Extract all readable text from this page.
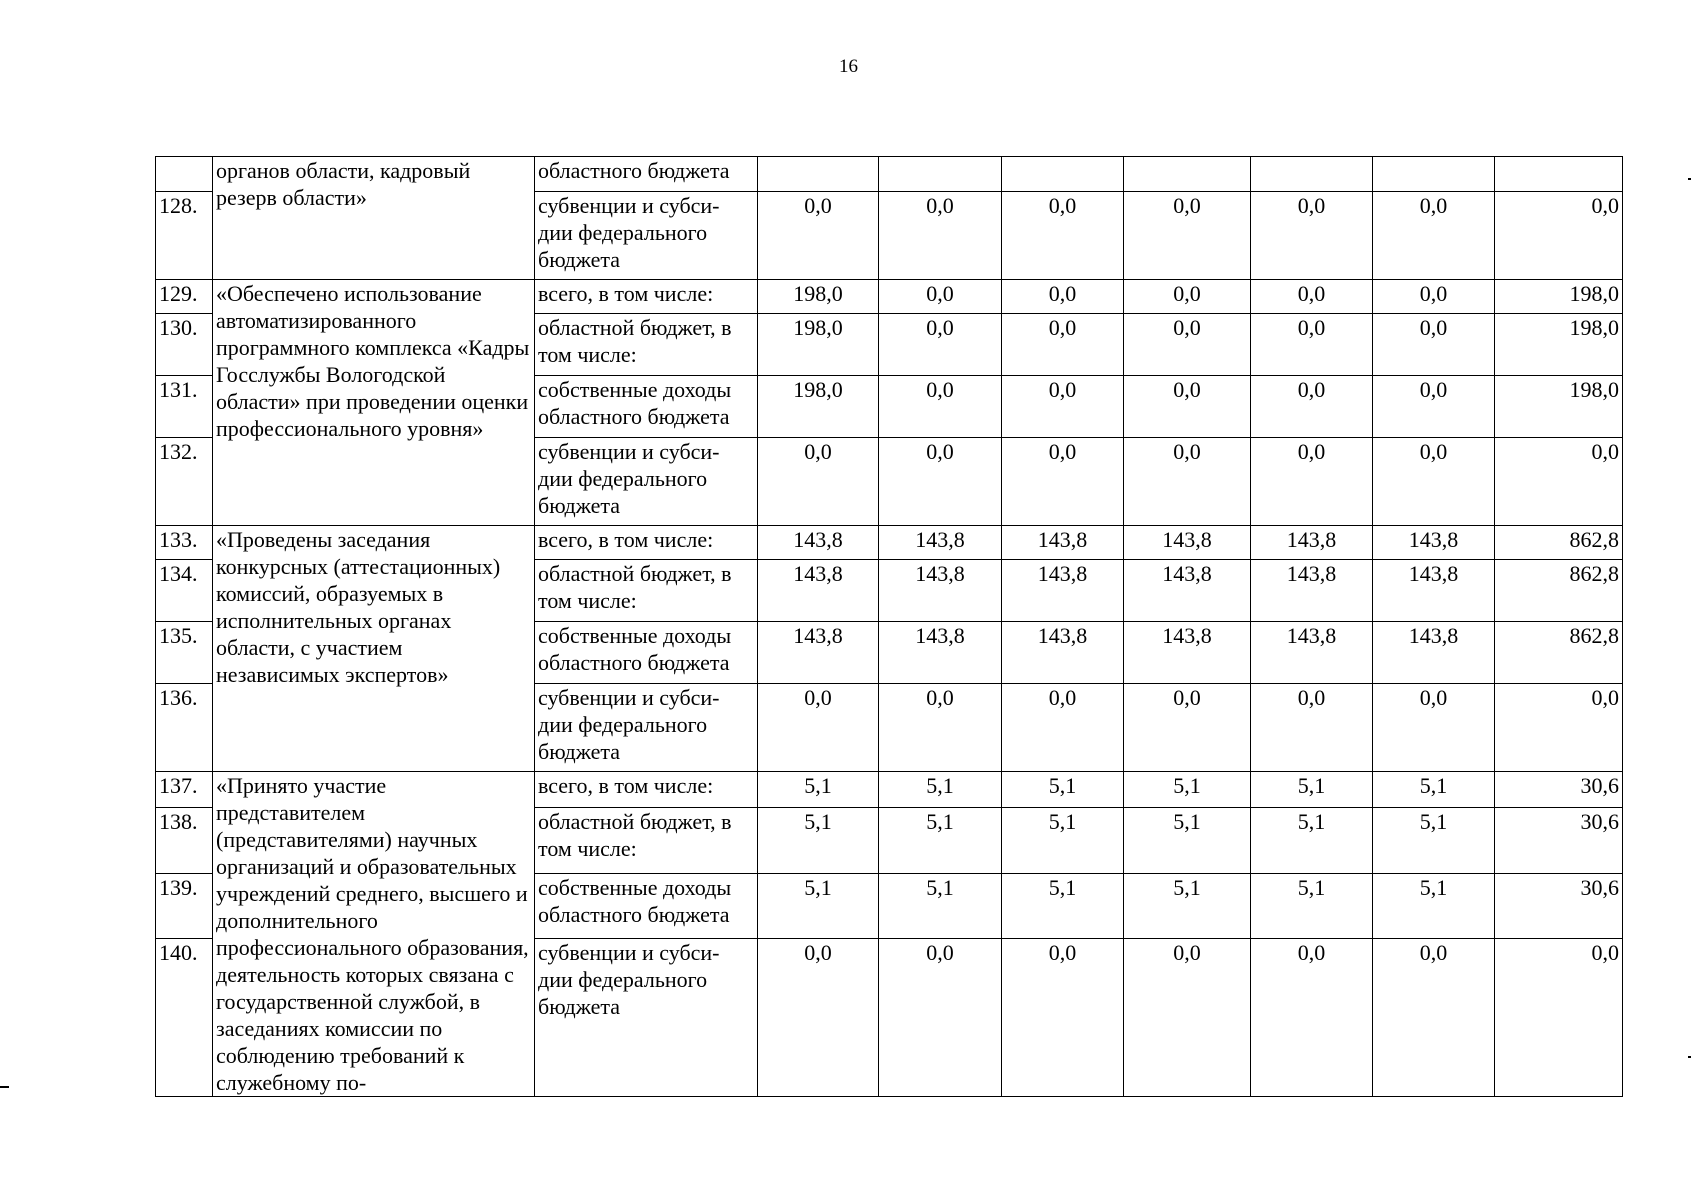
16
	органов области, кадровый резерв области»	областного бюджета							
128.		субвенции и субси-дии федерального бюджета	0,0	0,0	0,0	0,0	0,0	0,0	0,0
129.	«Обеспечено использование автоматизированного программного комплекса «Кадры Госслужбы Вологодской области» при проведении оценки профессионального уровня»	всего, в том числе:	198,0	0,0	0,0	0,0	0,0	0,0	198,0
130.		областной бюджет, в том числе:	198,0	0,0	0,0	0,0	0,0	0,0	198,0
131.		собственные доходы областного бюджета	198,0	0,0	0,0	0,0	0,0	0,0	198,0
132.		субвенции и субси-дии федерального бюджета	0,0	0,0	0,0	0,0	0,0	0,0	0,0
133.	«Проведены заседания конкурсных (аттестационных) комиссий, образуемых в исполнительных органах области, с участием независимых экспертов»	всего, в том числе:	143,8	143,8	143,8	143,8	143,8	143,8	862,8
134.		областной бюджет, в том числе:	143,8	143,8	143,8	143,8	143,8	143,8	862,8
135.		собственные доходы областного бюджета	143,8	143,8	143,8	143,8	143,8	143,8	862,8
136.		субвенции и субси-дии федерального бюджета	0,0	0,0	0,0	0,0	0,0	0,0	0,0
137.	«Принято участие представителем (представителями) научных организаций и образовательных учреждений среднего, высшего и дополнительного профессионального образования, деятельность которых связана с государственной службой, в заседаниях комиссии по соблюдению требований к служебному по-	всего, в том числе:	5,1	5,1	5,1	5,1	5,1	5,1	30,6
138.		областной бюджет, в том числе:	5,1	5,1	5,1	5,1	5,1	5,1	30,6
139.		собственные доходы областного бюджета	5,1	5,1	5,1	5,1	5,1	5,1	30,6
140.		субвенции и субси-дии федерального бюджета	0,0	0,0	0,0	0,0	0,0	0,0	0,0
